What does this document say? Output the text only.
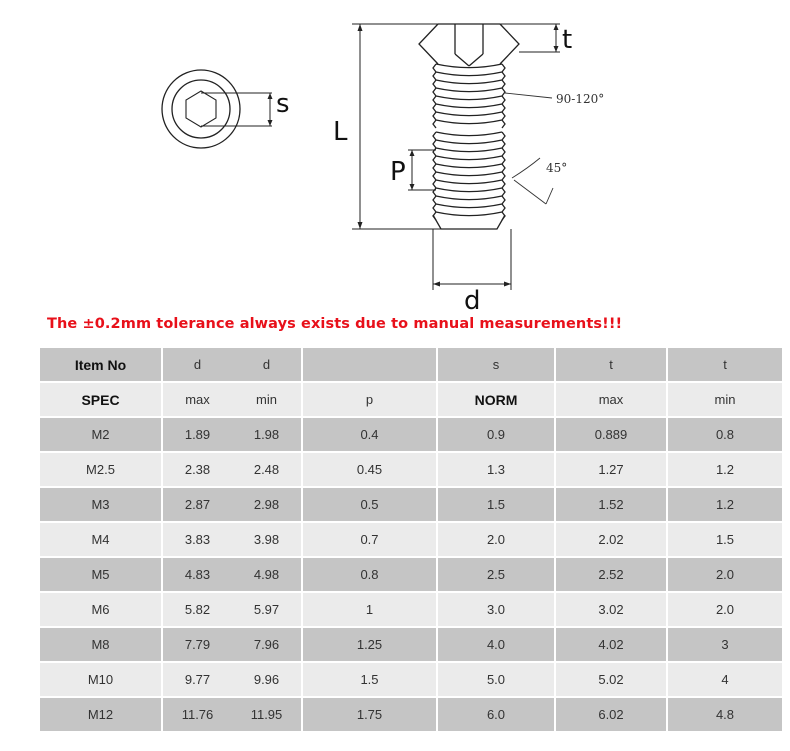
s
t
L
P
d
90-120°
45°
The ±0.2mm tolerance always exists due to manual measurements!!!
Item No	d	d		s	t	t
SPEC	max	min	p	NORM	max	min
M2	1.89	1.98	0.4	0.9	0.889	0.8
M2.5	2.38	2.48	0.45	1.3	1.27	1.2
M3	2.87	2.98	0.5	1.5	1.52	1.2
M4	3.83	3.98	0.7	2.0	2.02	1.5
M5	4.83	4.98	0.8	2.5	2.52	2.0
M6	5.82	5.97	1	3.0	3.02	2.0
M8	7.79	7.96	1.25	4.0	4.02	3
M10	9.77	9.96	1.5	5.0	5.02	4
M12	11.76	11.95	1.75	6.0	6.02	4.8
